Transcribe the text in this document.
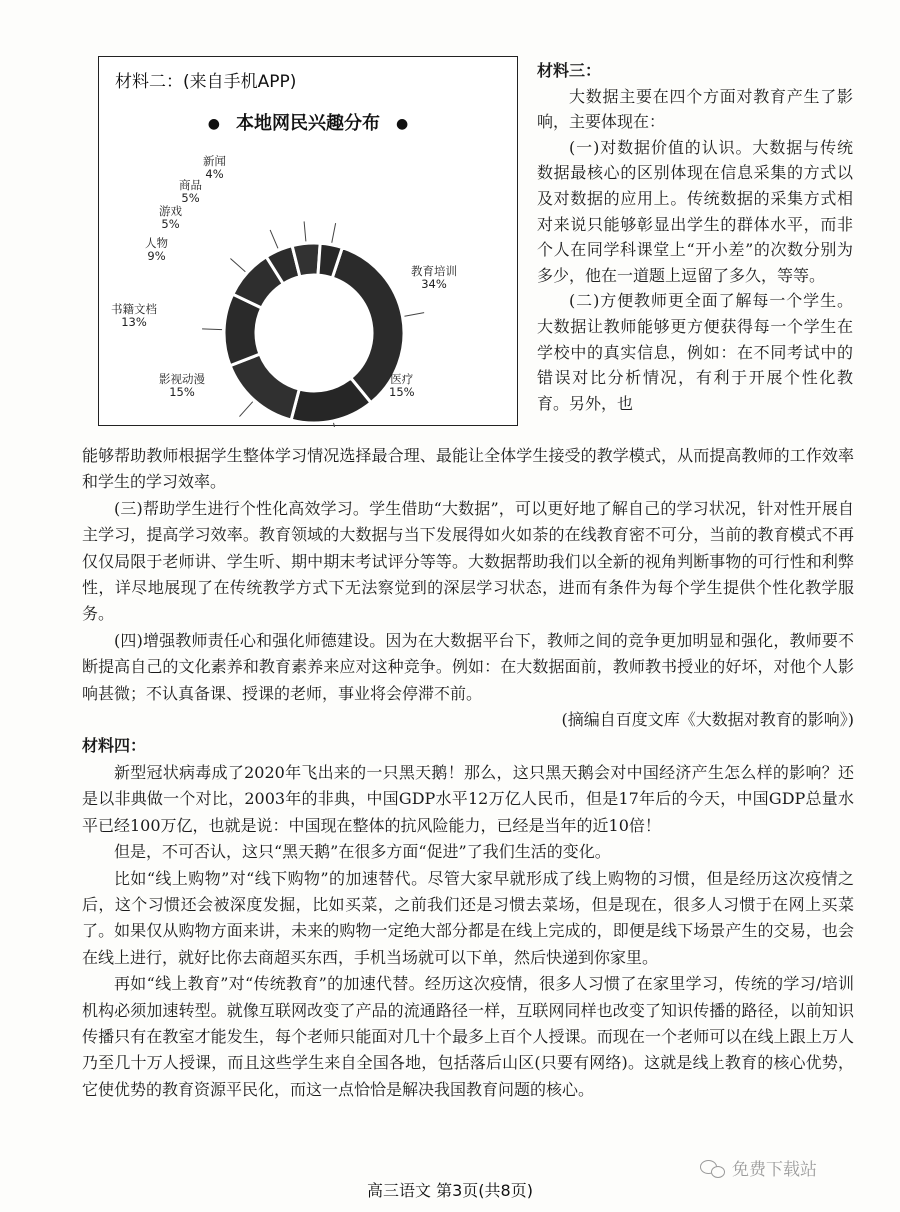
材料二：(来自手机APP)
● 本地网民兴趣分布 ●
教育培训
34%
医疗
15%
影视动漫
15%
书籍文档
13%
人物
9%
游戏
5%
商品
5%
新闻
4%

材料三：

大数据主要在四个方面对教育产生了影响，主要体现在：

(一)对数据价值的认识。大数据与传统数据最核心的区别体现在信息采集的方式以及对数据的应用上。传统数据的采集方式相对来说只能够彰显出学生的群体水平，而非个人在同学科课堂上“开小差”的次数分别为多少，他在一道题上逗留了多久，等等。

(二)方便教师更全面了解每一个学生。大数据让教师能够更方便获得每一个学生在学校中的真实信息，例如：在不同考试中的错误对比分析情况，有利于开展个性化教育。另外，也

能够帮助教师根据学生整体学习情况选择最合理、最能让全体学生接受的教学模式，从而提高教师的工作效率和学生的学习效率。

(三)帮助学生进行个性化高效学习。学生借助“大数据”，可以更好地了解自己的学习状况，针对性开展自主学习，提高学习效率。教育领域的大数据与当下发展得如火如荼的在线教育密不可分，当前的教育模式不再仅仅局限于老师讲、学生听、期中期末考试评分等等。大数据帮助我们以全新的视角判断事物的可行性和利弊性，详尽地展现了在传统教学方式下无法察觉到的深层学习状态，进而有条件为每个学生提供个性化教学服务。

(四)增强教师责任心和强化师德建设。因为在大数据平台下，教师之间的竞争更加明显和强化，教师要不断提高自己的文化素养和教育素养来应对这种竞争。例如：在大数据面前，教师教书授业的好坏，对他个人影响甚微；不认真备课、授课的老师，事业将会停滞不前。

(摘编自百度文库《大数据对教育的影响》)

材料四：

新型冠状病毒成了2020年飞出来的一只黑天鹅！那么，这只黑天鹅会对中国经济产生怎么样的影响？还是以非典做一个对比，2003年的非典，中国GDP水平12万亿人民币，但是17年后的今天，中国GDP总量水平已经100万亿，也就是说：中国现在整体的抗风险能力，已经是当年的近10倍！

但是，不可否认，这只“黑天鹅”在很多方面“促进”了我们生活的变化。

比如“线上购物”对“线下购物”的加速替代。尽管大家早就形成了线上购物的习惯，但是经历这次疫情之后，这个习惯还会被深度发掘，比如买菜，之前我们还是习惯去菜场，但是现在，很多人习惯于在网上买菜了。如果仅从购物方面来讲，未来的购物一定绝大部分都是在线上完成的，即便是线下场景产生的交易，也会在线上进行，就好比你去商超买东西，手机当场就可以下单，然后快递到你家里。

再如“线上教育”对“传统教育”的加速代替。经历这次疫情，很多人习惯了在家里学习，传统的学习/培训机构必须加速转型。就像互联网改变了产品的流通路径一样，互联网同样也改变了知识传播的路径，以前知识传播只有在教室才能发生，每个老师只能面对几十个最多上百个人授课。而现在一个老师可以在线上跟上万人乃至几十万人授课，而且这些学生来自全国各地，包括落后山区(只要有网络)。这就是线上教育的核心优势，它使优势的教育资源平民化，而这一点恰恰是解决我国教育问题的核心。

高三语文 第3页(共8页)
免费下载站
